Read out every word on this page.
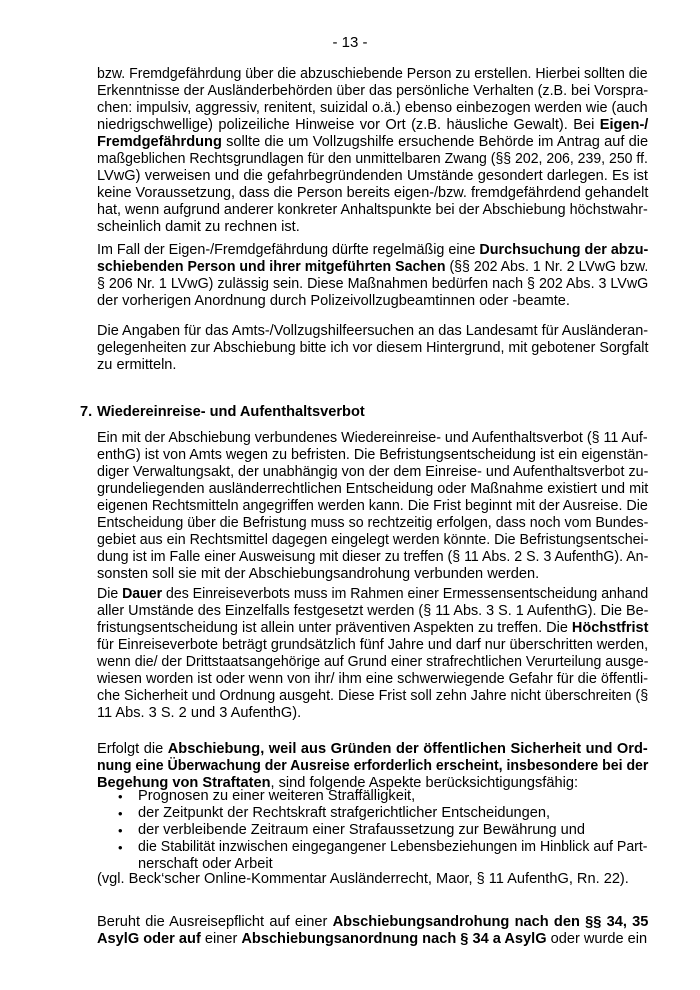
- 13 -
bzw. Fremdgefährdung über die abzuschiebende Person zu erstellen. Hierbei sollten die
Erkenntnisse der Ausländerbehörden über das persönliche Verhalten (z.B. bei Vorspra-
chen: impulsiv, aggressiv, renitent, suizidal o.ä.) ebenso einbezogen werden wie (auch
niedrigschwellige) polizeiliche Hinweise vor Ort (z.B. häusliche Gewalt). Bei Eigen-/
Fremdgefährdung sollte die um Vollzugshilfe ersuchende Behörde im Antrag auf die
maßgeblichen Rechtsgrundlagen für den unmittelbaren Zwang (§§ 202, 206, 239, 250 ff.
LVwG) verweisen und die gefahrbegründenden Umstände gesondert darlegen. Es ist
keine Voraussetzung, dass die Person bereits eigen-/bzw. fremdgefährdend gehandelt
hat, wenn aufgrund anderer konkreter Anhaltspunkte bei der Abschiebung höchstwahr-
scheinlich damit zu rechnen ist.
Im Fall der Eigen-/Fremdgefährdung dürfte regelmäßig eine Durchsuchung der abzu-
schiebenden Person und ihrer mitgeführten Sachen (§§ 202 Abs. 1 Nr. 2 LVwG bzw.
§ 206 Nr. 1 LVwG) zulässig sein. Diese Maßnahmen bedürfen nach § 202 Abs. 3 LVwG
der vorherigen Anordnung durch Polizeivollzugbeamtinnen oder -beamte.
Die Angaben für das Amts-/Vollzugshilfeersuchen an das Landesamt für Ausländeran-
gelegenheiten zur Abschiebung bitte ich vor diesem Hintergrund, mit gebotener Sorgfalt
zu ermitteln.
Ein mit der Abschiebung verbundenes Wiedereinreise- und Aufenthaltsverbot (§ 11 Auf-
enthG) ist von Amts wegen zu befristen. Die Befristungsentscheidung ist ein eigenstän-
diger Verwaltungsakt, der unabhängig von der dem Einreise- und Aufenthaltsverbot zu-
grundeliegenden ausländerrechtlichen Entscheidung oder Maßnahme existiert und mit
eigenen Rechtsmitteln angegriffen werden kann. Die Frist beginnt mit der Ausreise. Die
Entscheidung über die Befristung muss so rechtzeitig erfolgen, dass noch vom Bundes-
gebiet aus ein Rechtsmittel dagegen eingelegt werden könnte. Die Befristungsentschei-
dung ist im Falle einer Ausweisung mit dieser zu treffen (§ 11 Abs. 2 S. 3 AufenthG). An-
sonsten soll sie mit der Abschiebungsandrohung verbunden werden.
Die Dauer des Einreiseverbots muss im Rahmen einer Ermessensentscheidung anhand
aller Umstände des Einzelfalls festgesetzt werden (§ 11 Abs. 3 S. 1 AufenthG). Die Be-
fristungsentscheidung ist allein unter präventiven Aspekten zu treffen. Die Höchstfrist
für Einreiseverbote beträgt grundsätzlich fünf Jahre und darf nur überschritten werden,
wenn die/ der Drittstaatsangehörige auf Grund einer strafrechtlichen Verurteilung ausge-
wiesen worden ist oder wenn von ihr/ ihm eine schwerwiegende Gefahr für die öffentli-
che Sicherheit und Ordnung ausgeht. Diese Frist soll zehn Jahre nicht überschreiten (§
11 Abs. 3 S. 2 und 3 AufenthG).
Erfolgt die Abschiebung, weil aus Gründen der öffentlichen Sicherheit und Ord-
nung eine Überwachung der Ausreise erforderlich erscheint, insbesondere bei der
Begehung von Straftaten, sind folgende Aspekte berücksichtigungsfähig:
Prognosen zu einer weiteren Straffälligkeit,
•
der Zeitpunkt der Rechtskraft strafgerichtlicher Entscheidungen,
•
der verbleibende Zeitraum einer Strafaussetzung zur Bewährung und
•
die Stabilität inzwischen eingegangener Lebensbeziehungen im Hinblick auf Part-
•
nerschaft oder Arbeit
(vgl. Beck‘scher Online-Kommentar Ausländerrecht, Maor, § 11 AufenthG, Rn. 22).
Beruht die Ausreisepflicht auf einer Abschiebungsandrohung nach den §§ 34, 35
AsylG oder auf einer Abschiebungsanordnung nach § 34 a AsylG oder wurde ein
7. Wiedereinreise- und Aufenthaltsverbot
